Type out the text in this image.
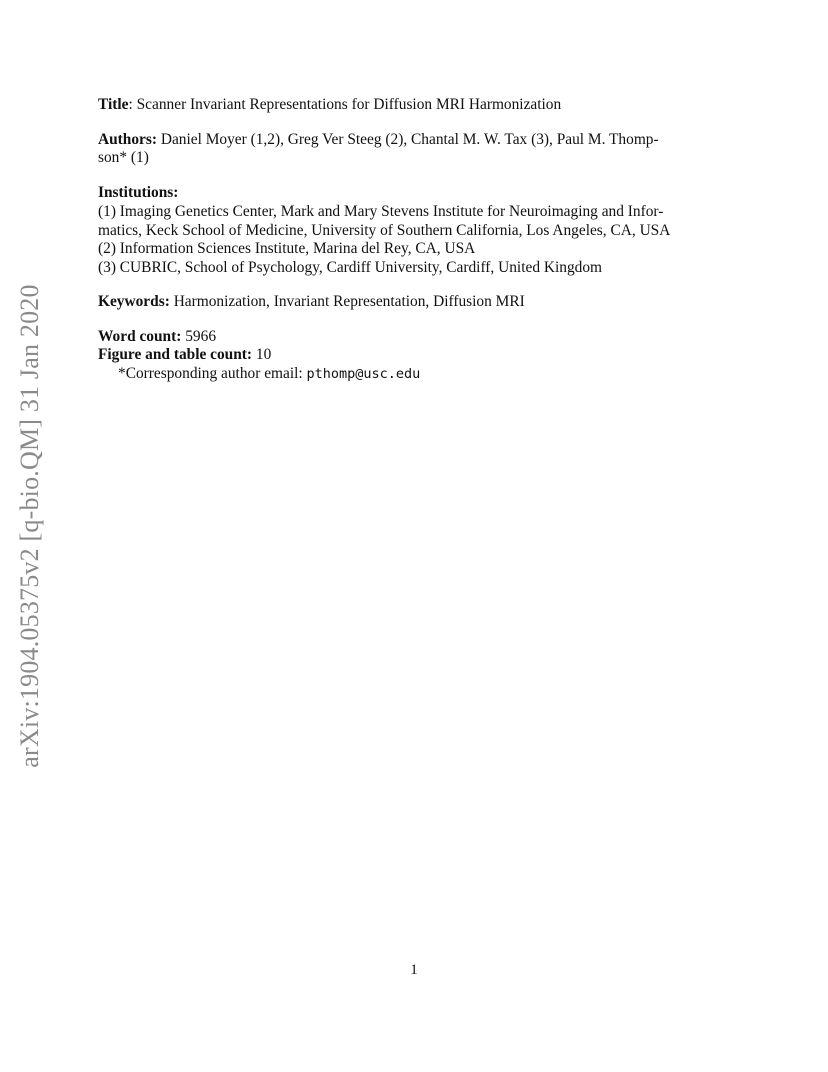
arXiv:1904.05375v2 [q-bio.QM] 31 Jan 2020

Title: Scanner Invariant Representations for Diffusion MRI Harmonization

Authors: Daniel Moyer (1,2), Greg Ver Steeg (2), Chantal M. W. Tax (3), Paul M. Thomp-
son* (1)

Institutions:
(1) Imaging Genetics Center, Mark and Mary Stevens Institute for Neuroimaging and Infor-
matics, Keck School of Medicine, University of Southern California, Los Angeles, CA, USA
(2) Information Sciences Institute, Marina del Rey, CA, USA
(3) CUBRIC, School of Psychology, Cardiff University, Cardiff, United Kingdom

Keywords: Harmonization, Invariant Representation, Diffusion MRI

Word count: 5966
Figure and table count: 10
*Corresponding author email: pthomp@usc.edu
1
